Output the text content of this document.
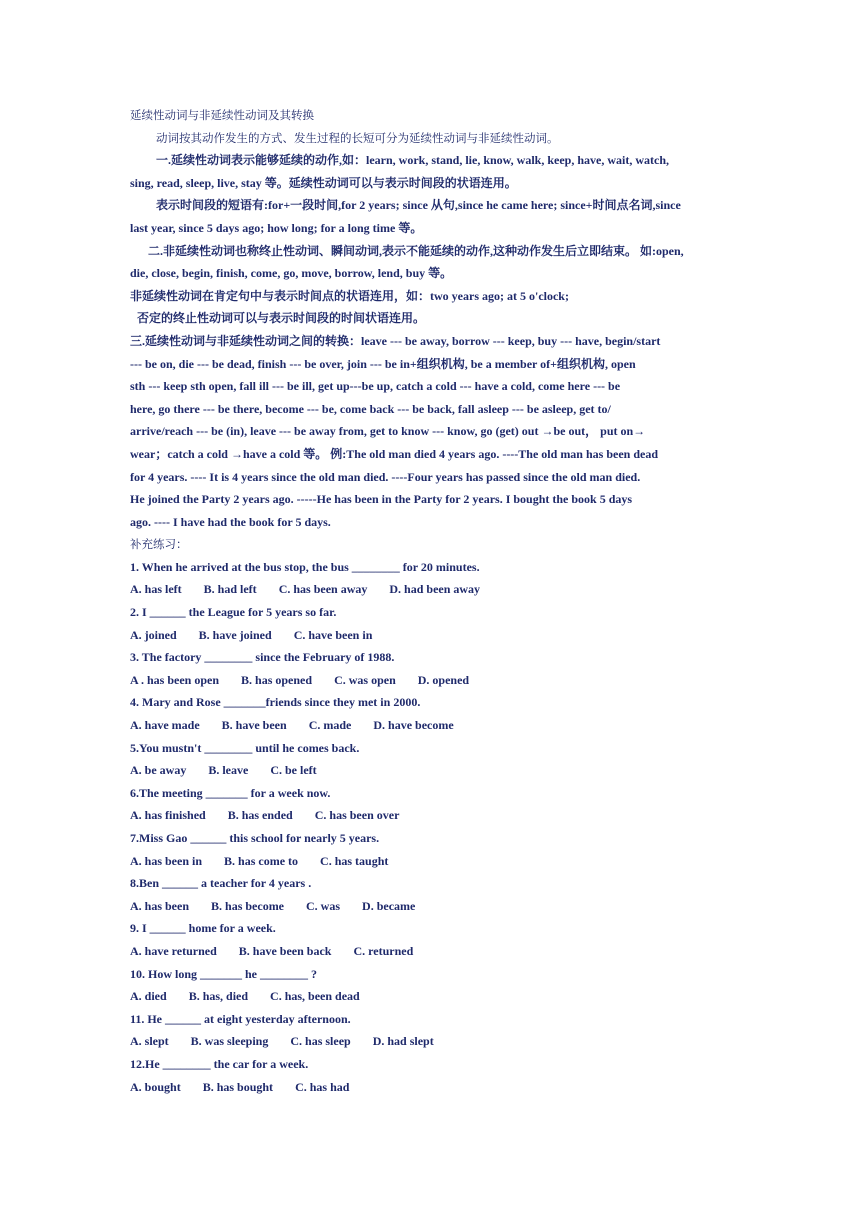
延续性动词与非延续性动词及其转换
动词按其动作发生的方式、发生过程的长短可分为延续性动词与非延续性动词。
一.延续性动词表示能够延续的动作,如：learn, work, stand, lie, know, walk, keep, have, wait, watch,
sing, read, sleep, live, stay 等。延续性动词可以与表示时间段的状语连用。
表示时间段的短语有:for+一段时间,for 2 years; since 从句,since he came here; since+时间点名词,since
last year, since 5 days ago; how long; for a long time 等。
二.非延续性动词也称终止性动词、瞬间动词,表示不能延续的动作,这种动作发生后立即结束。 如:open,
die, close, begin, finish, come, go, move, borrow, lend, buy 等。
非延续性动词在肯定句中与表示时间点的状语连用，如：two years ago; at 5 o'clock;
否定的终止性动词可以与表示时间段的时间状语连用。
三.延续性动词与非延续性动词之间的转换：leave --- be away, borrow --- keep, buy --- have, begin/start
--- be on, die --- be dead, finish --- be over, join --- be in+组织机构, be a member of+组织机构, open
sth --- keep sth open, fall ill --- be ill, get up---be up, catch a cold --- have a cold, come here --- be
here, go there --- be there, become --- be, come back --- be back, fall asleep --- be asleep, get to/
arrive/reach --- be (in), leave --- be away from, get to know --- know, go (get) out →be out， put on→
wear；catch a cold →have a cold 等。 例:The old man died 4 years ago. ----The old man has been dead
for 4 years. ---- It is 4 years since the old man died. ----Four years has passed since the old man died.
He joined the Party 2 years ago. -----He has been in the Party for 2 years. I bought the book 5 days
ago. ---- I have had the book for 5 days.
补充练习：
1. When he arrived at the bus stop, the bus ________ for 20 minutes.
A. has left B. had left C. has been away D. had been away
2. I ______ the League for 5 years so far.
A. joined B. have joined C. have been in
3. The factory ________ since the February of 1988.
A . has been open B. has opened C. was open D. opened
4. Mary and Rose _______friends since they met in 2000.
A. have made B. have been C. made D. have become
5.You mustn't ________ until he comes back.
A. be away B. leave C. be left
6.The meeting _______ for a week now.
A. has finished B. has ended C. has been over
7.Miss Gao ______ this school for nearly 5 years.
A. has been in B. has come to C. has taught
8.Ben ______ a teacher for 4 years .
A. has been B. has become C. was D. became
9. I ______ home for a week.
A. have returned B. have been back C. returned
10. How long _______ he ________ ?
A. died B. has, died C. has, been dead
11. He ______ at eight yesterday afternoon.
A. slept B. was sleeping C. has sleep D. had slept
12.He ________ the car for a week.
A. bought B. has bought C. has had
